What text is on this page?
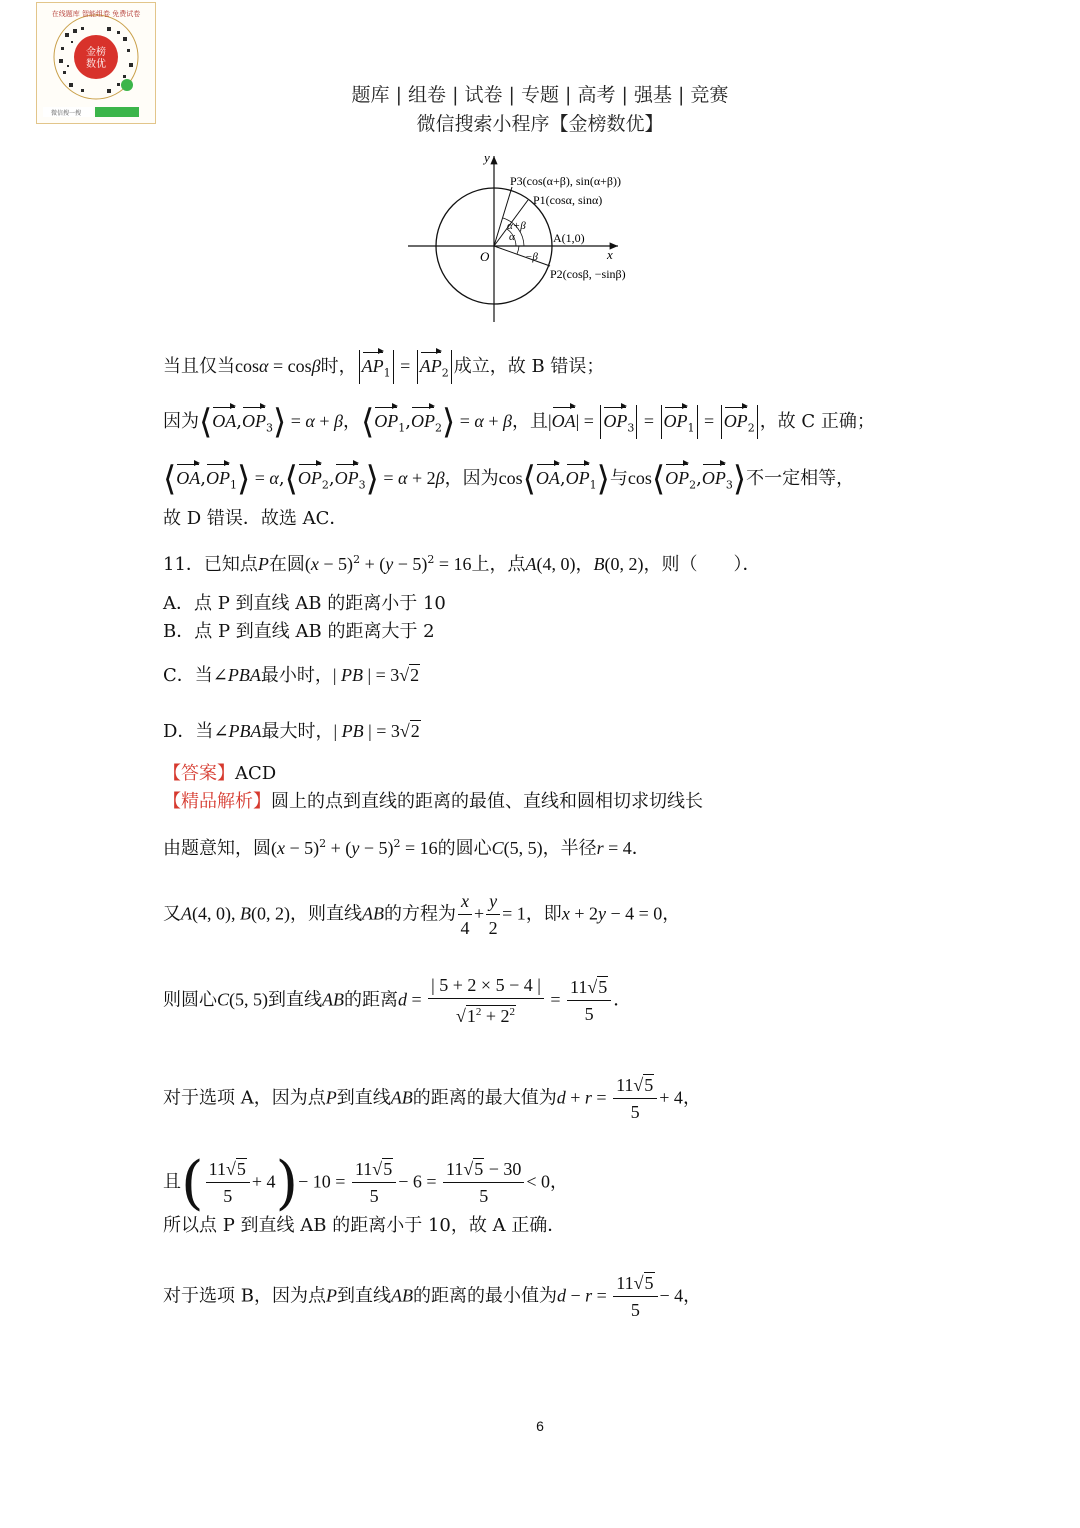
金榜
数优
在线题库 智能组卷 免费试卷
微信搜一搜
题库 | 组卷 | 试卷 | 专题 | 高考 | 强基 | 竞赛
微信搜索小程序【金榜数优】
y
x
O
P3(cos(α+β), sin(α+β))
P1(cosα, sinα)
A(1,0)
P2(cosβ, −sinβ)
α+β
α
−β
当且仅当cosα = cosβ时， $AP_1 = AP_2$ 成立，故 B 错误；
因为$⟨OA,OP_3⟩ = \alpha + \beta$，$⟨OP_1,OP_2⟩ = \alpha + \beta$，且$|OA| = OP_3 = OP_1 = OP_2$ ，故 C 正确；
$⟨OA,OP_1⟩$ = $\alpha,⟨OP_2,OP_3⟩ = \alpha + 2\beta$，因为$\cos⟨OA,OP_1⟩$与$\cos⟨OP_2,OP_3⟩$不一定相等，
故 D 错误．故选 AC．
11．已知点P在圆$(x - 5)^2 + (y - 5)^2 = 16$上，点A(4, 0)，B(0, 2)，则（　　）．
A．点 P 到直线 AB 的距离小于 10
B．点 P 到直线 AB 的距离大于 2
C．当∠PBA最小时，| PB | = 3√2
D．当∠PBA最大时，| PB | = 3√2
【答案】ACD
【精品解析】圆上的点到直线的距离的最值、直线和圆相切求切线长
由题意知，圆$(x - 5)^2 + (y - 5)^2 = 16$的圆心C(5, 5)，半径r = 4．
又A(4, 0), B(0, 2)，则直线AB的方程为 $\frac{x}{4} + \frac{y}{2} = 1$，即x + 2y − 4 = 0，
则圆心C(5, 5)到直线AB的距离$d = \frac{| 5 + 2 \times 5 - 4 |}{√1^2 + 2^2} = \frac{11√5}{5}$ ．
对于选项 A，因为点P到直线AB的距离的最大值为$d + r = \frac{11√5}{5} + 4$，
且( $\frac{11√5}{5} + 4)- 10 = \frac{11√5}{5} - 6 = \frac{11√5 - 30}{5} < 0$，
所以点 P 到直线 AB 的距离小于 10，故 A 正确．
对于选项 B，因为点P到直线AB的距离的最小值为$d - r = \frac{11√5}{5} - 4$，
6
